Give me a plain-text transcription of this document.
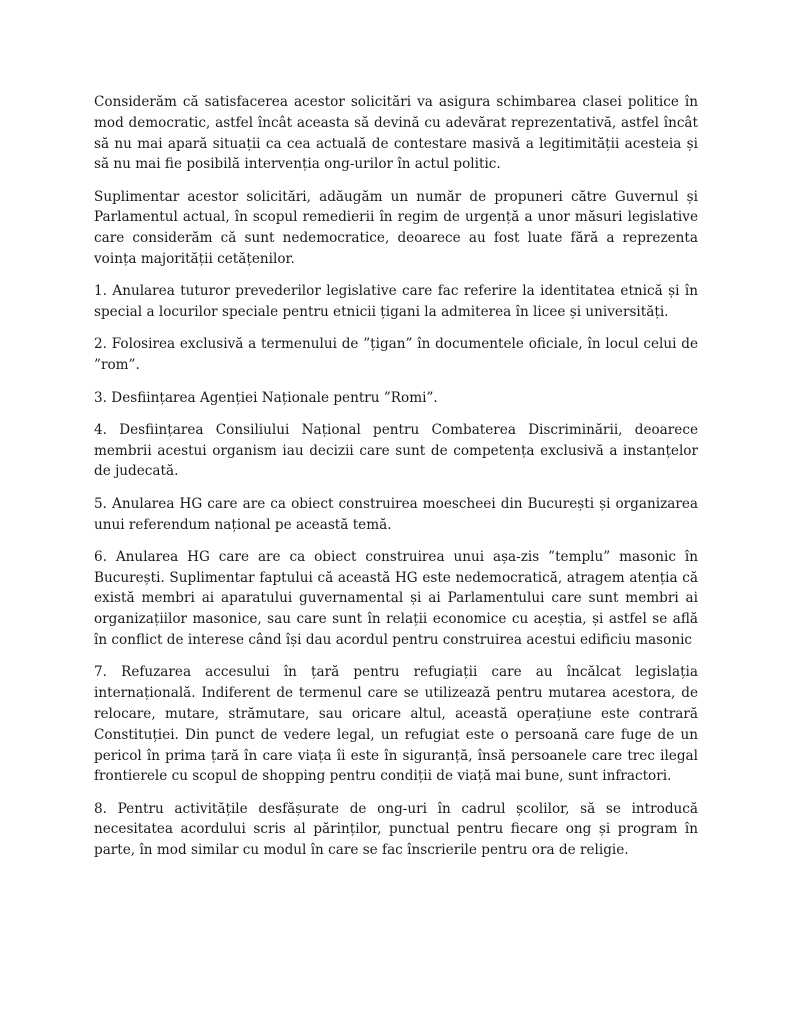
Considerăm că satisfacerea acestor solicitări va asigura schimbarea clasei politice în mod democratic, astfel încât aceasta să devină cu adevărat reprezentativă, astfel încât să nu mai apară situații ca cea actuală de contestare masivă a legitimității acesteia și să nu mai fie posibilă intervenția ong-urilor în actul politic.

Suplimentar acestor solicitări, adăugăm un număr de propuneri către Guvernul și Parlamentul actual, în scopul remedierii în regim de urgență a unor măsuri legislative care considerăm că sunt nedemocratice, deoarece au fost luate fără a reprezenta voința majorității cetățenilor.

1. Anularea tuturor prevederilor legislative care fac referire la identitatea etnică și în special a locurilor speciale pentru etnicii țigani la admiterea în licee și universități.

2. Folosirea exclusivă a termenului de ”țigan” în documentele oficiale, în locul celui de ”rom”.

3. Desființarea Agenției Naționale pentru ”Romi”.

4. Desființarea Consiliului Național pentru Combaterea Discriminării, deoarece membrii acestui organism iau decizii care sunt de competența exclusivă a instanțelor de judecată.

5. Anularea HG care are ca obiect construirea moescheei din București și organizarea unui referendum național pe această temă.

6. Anularea HG care are ca obiect construirea unui așa-zis ”templu” masonic în București. Suplimentar faptului că această HG este nedemocratică, atragem atenția că există membri ai aparatului guvernamental și ai Parlamentului care sunt membri ai organizațiilor masonice, sau care sunt în relații economice cu aceștia, și astfel se află în conflict de interese când își dau acordul pentru construirea acestui edificiu masonic

7. Refuzarea accesului în țară pentru refugiații care au încălcat legislația internațională. Indiferent de termenul care se utilizează pentru mutarea acestora, de relocare, mutare, strămutare, sau oricare altul, această operațiune este contrară Constituției. Din punct de vedere legal, un refugiat este o persoană care fuge de un pericol în prima țară în care viața îi este în siguranță, însă persoanele care trec ilegal frontierele cu scopul de shopping pentru condiții de viață mai bune, sunt infractori.

8. Pentru activitățile desfășurate de ong-uri în cadrul școlilor, să se introducă necesitatea acordului scris al părinților, punctual pentru fiecare ong și program în parte, în mod similar cu modul în care se fac înscrierile pentru ora de religie.
